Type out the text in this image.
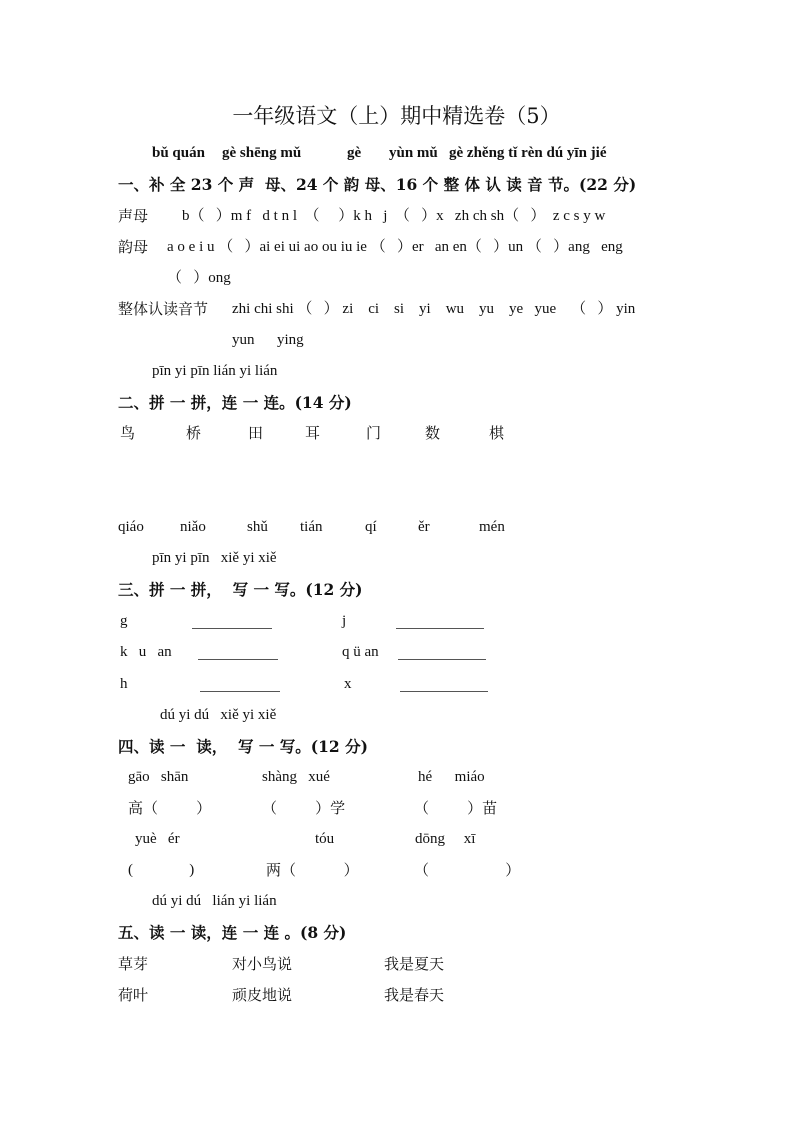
一年级语文（上）期中精选卷（5）
bǔ quán gè shēng mǔ	gè yùn mǔ gè zhěng tǐ rèn dú yīn jié
一、补 全 23 个 声  母、24 个 韵 母、16 个 整 体 认 读 音 节。(22 分)
声母 b（   ）m f   d t n l  （     ）k h   j  （   ）x   zh ch sh（   ）  z c s y w
韵母 a o e i u （   ）ai ei ui ao ou iu ie （   ）er   an en（   ）un （   ）ang   eng
（   ）ong
整体认读音节 zhi chi shi （   ） zi    ci    si    yi    wu    yu    ye   yue    （   ） yin
yun      ying
pīn yi pīn lián yi lián
二、拼 一 拼，连 一 连。(14 分)
鸟	桥	田	耳	门	数	棋
qiáo niǎo	shǔ tián	qí	ěr	mén
pīn yi pīn   xiě yi xiě
三、拼 一 拼，  写 一 写。(12 分)
g	j
k   u   an	q ü an
h	x
dú yi dú   xiě yi xiě
四、读 一  读，  写 一 写。(12 分)
gāo   shān	shàng   xué	hé      miáo
高（        ）	（        ）学	（        ）苗
yuè   ér	tóu	dōng     xī
(               )	两（          ）	（                ）
dú yi dú   lián yi lián
五、读 一 读，连 一 连 。(8 分)
草芽	对小鸟说	我是夏天
荷叶	顽皮地说	我是春天
